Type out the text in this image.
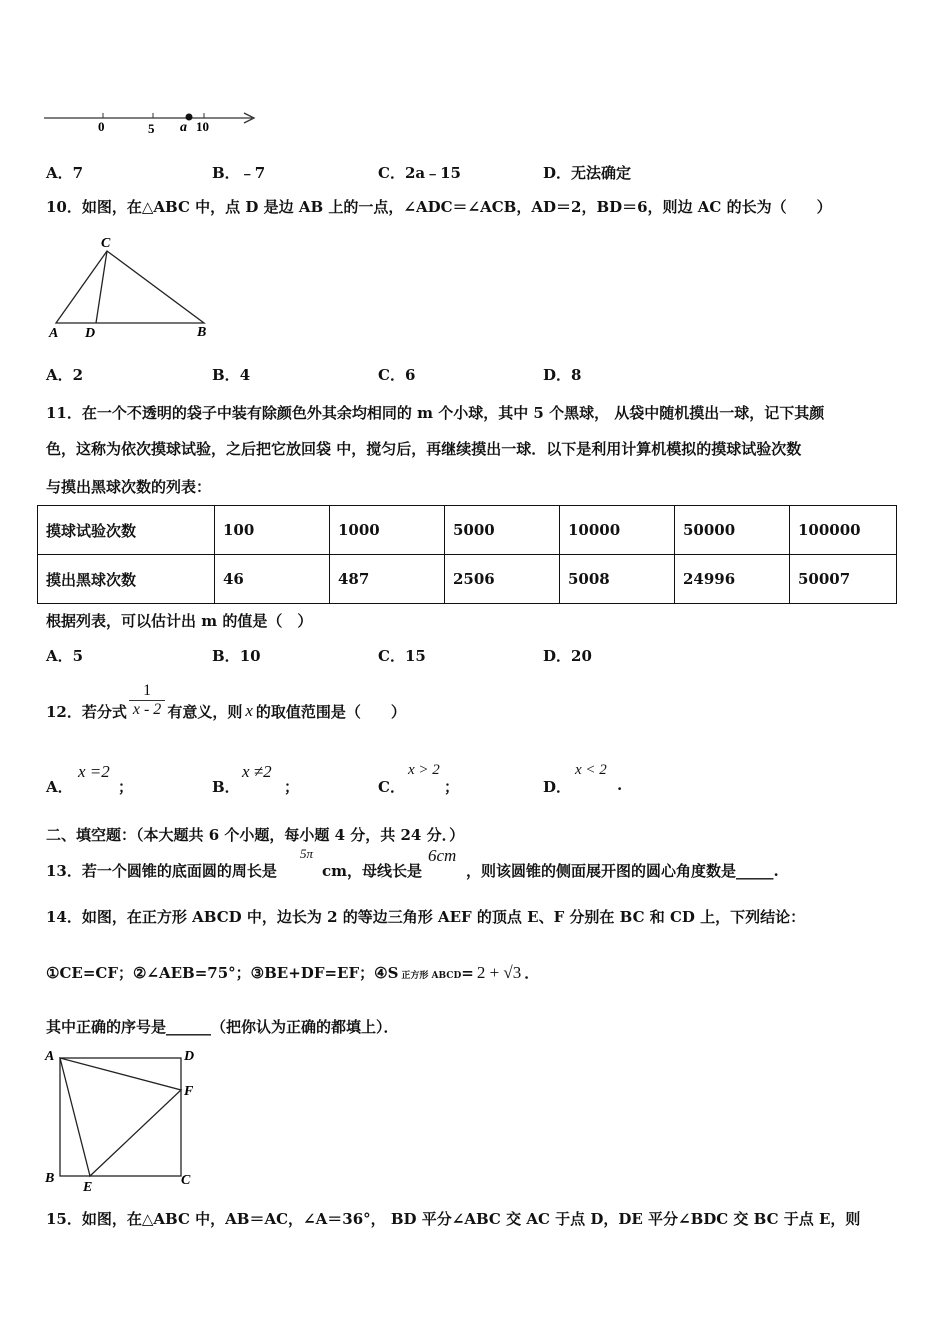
0	5 a 10
A．7	B．﹣7	C．2a﹣15	D．无法确定
10．如图，在△ABC 中，点 D 是边 AB 上的一点，∠ADC＝∠ACB，AD＝2，BD＝6，则边 AC 的长为（　　）
C
A D	B
A．2	B．4	C．6	D．8
11．在一个不透明的袋子中装有除颜色外其余均相同的 m 个小球，其中 5 个黑球， 从袋中随机摸出一球，记下其颜
色，这称为依次摸球试验，之后把它放回袋 中，搅匀后，再继续摸出一球．以下是利用计算机模拟的摸球试验次数
与摸出黑球次数的列表：
摸球试验次数	100	1000	5000	10000	50000	100000
摸出黑球次数	46	487	2506	5008	24996	50007
根据列表，可以估计出 m 的值是（　）
A．5	B．10	C．15	D．20
12．若分式 $\frac{1}{x - 2}$ 有意义，则 x 的取值范围是（　　）
A．
x =2
；	B．
x ≠2
；	C．
x > 2
；	D．
x < 2
.
二、填空题：（本大题共 6 个小题，每小题 4 分，共 24 分．）
13．若一个圆锥的底面圆的周长是
5π
cm，母线长是
6cm
，则该圆锥的侧面展开图的圆心角度数是_____.
14．如图，在正方形 ABCD 中，边长为 2 的等边三角形 AEF 的顶点 E、F 分别在 BC 和 CD 上，下列结论：
①CE=CF；②∠AEB=75°；③BE+DF=EF；④S 正方形 ABCD = 2 + √3 ．
其中正确的序号是______（把你认为正确的都填上）．
A	D
F
B
E	C
15．如图，在△ABC 中，AB＝AC，∠A＝36°， BD 平分∠ABC 交 AC 于点 D，DE 平分∠BDC 交 BC 于点 E，则
